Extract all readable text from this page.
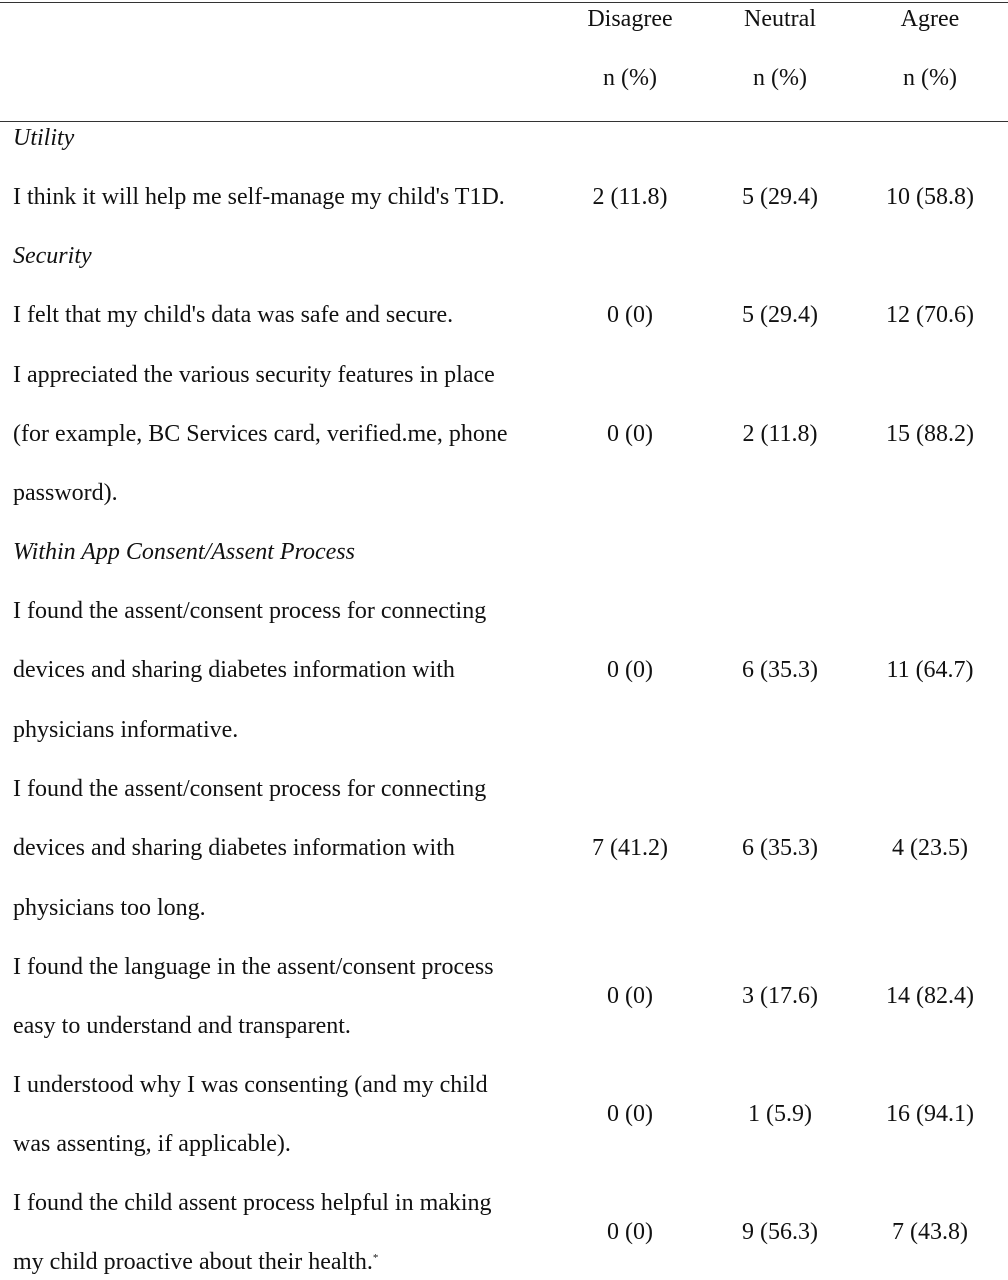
Disagree	Neutral	Agree
n (%)	n (%)	n (%)
Utility
I think it will help me self-manage my child's T1D.	2 (11.8)	5 (29.4)	10 (58.8)
Security
I felt that my child's data was safe and secure.	0 (0)	5 (29.4)	12 (70.6)
I appreciated the various security features in place
(for example, BC Services card, verified.me, phone
password).
0 (0)	2 (11.8)	15 (88.2)
Within App Consent/Assent Process
I found the assent/consent process for connecting
devices and sharing diabetes information with
physicians informative.
0 (0)	6 (35.3)	11 (64.7)
I found the assent/consent process for connecting
devices and sharing diabetes information with
physicians too long.
7 (41.2)	6 (35.3)	4 (23.5)
I found the language in the assent/consent process
easy to understand and transparent.
0 (0)	3 (17.6)	14 (82.4)
I understood why I was consenting (and my child
was assenting, if applicable).
0 (0)	1 (5.9)	16 (94.1)
I found the child assent process helpful in making
my child proactive about their health.*
0 (0)	9 (56.3)	7 (43.8)
